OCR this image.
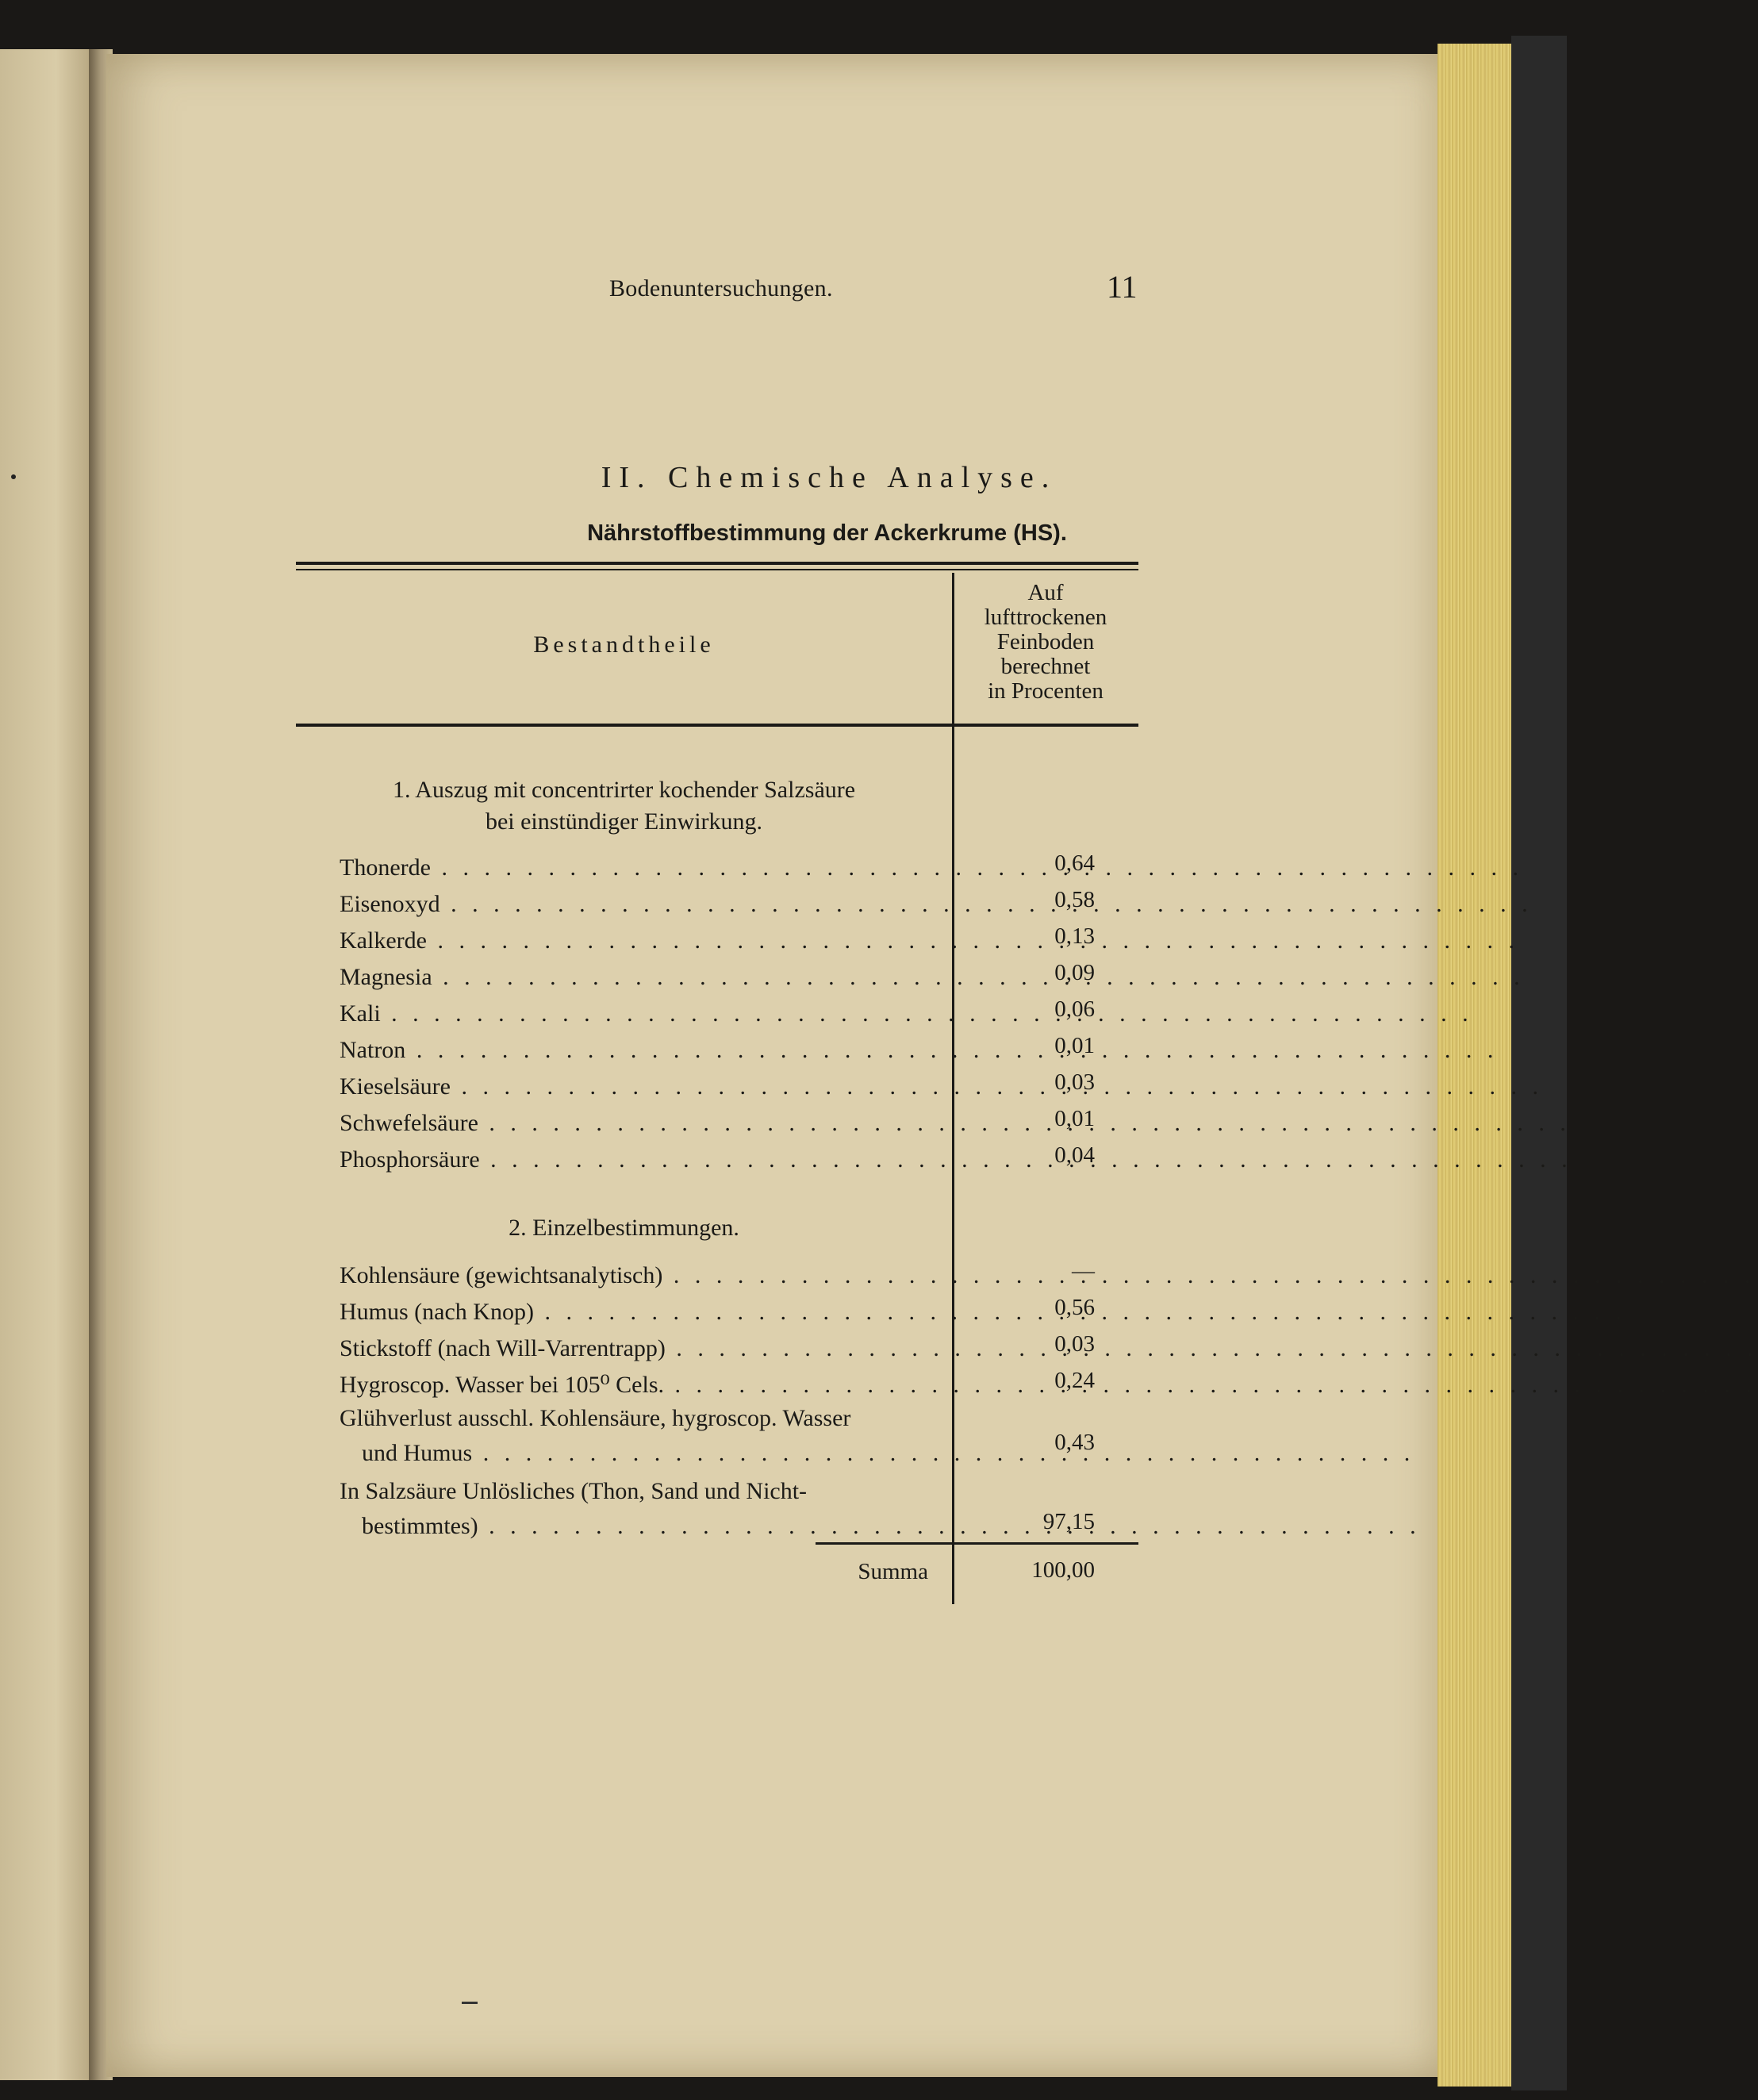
Bodenuntersuchungen.	11
II. Chemische Analyse.
Nährstoffbestimmung der Ackerkrume (HS).
Bestandtheile
Auf
lufttrockenen
Feinboden
berechnet
in Procenten
1. Auszug mit concentrirter kochender Salzsäure
bei einstündiger Einwirkung.
Thonerde . . .	0,64
Eisenoxyd . . .	0,58
Kalkerde . . .	0,13
Magnesia . . .	0,09
Kali . . .	0,06
Natron . . .	0,01
Kieselsäure . . .	0,03
Schwefelsäure . . .	0,01
Phosphorsäure . . .	0,04
2. Einzelbestimmungen.
Kohlensäure (gewichtsanalytisch) . . .	—
Humus (nach Knop) . . .	0,56
Stickstoff (nach Will-Varrentrapp) . . .	0,03
Hygroscop. Wasser bei 105⁰ Cels. . . .	0,24
Glühverlust ausschl. Kohlensäure, hygroscop. Wasser
und Humus . . .	0,43
In Salzsäure Unlösliches (Thon, Sand und Nicht-
bestimmtes) . . .	97,15
Summa	100,00
